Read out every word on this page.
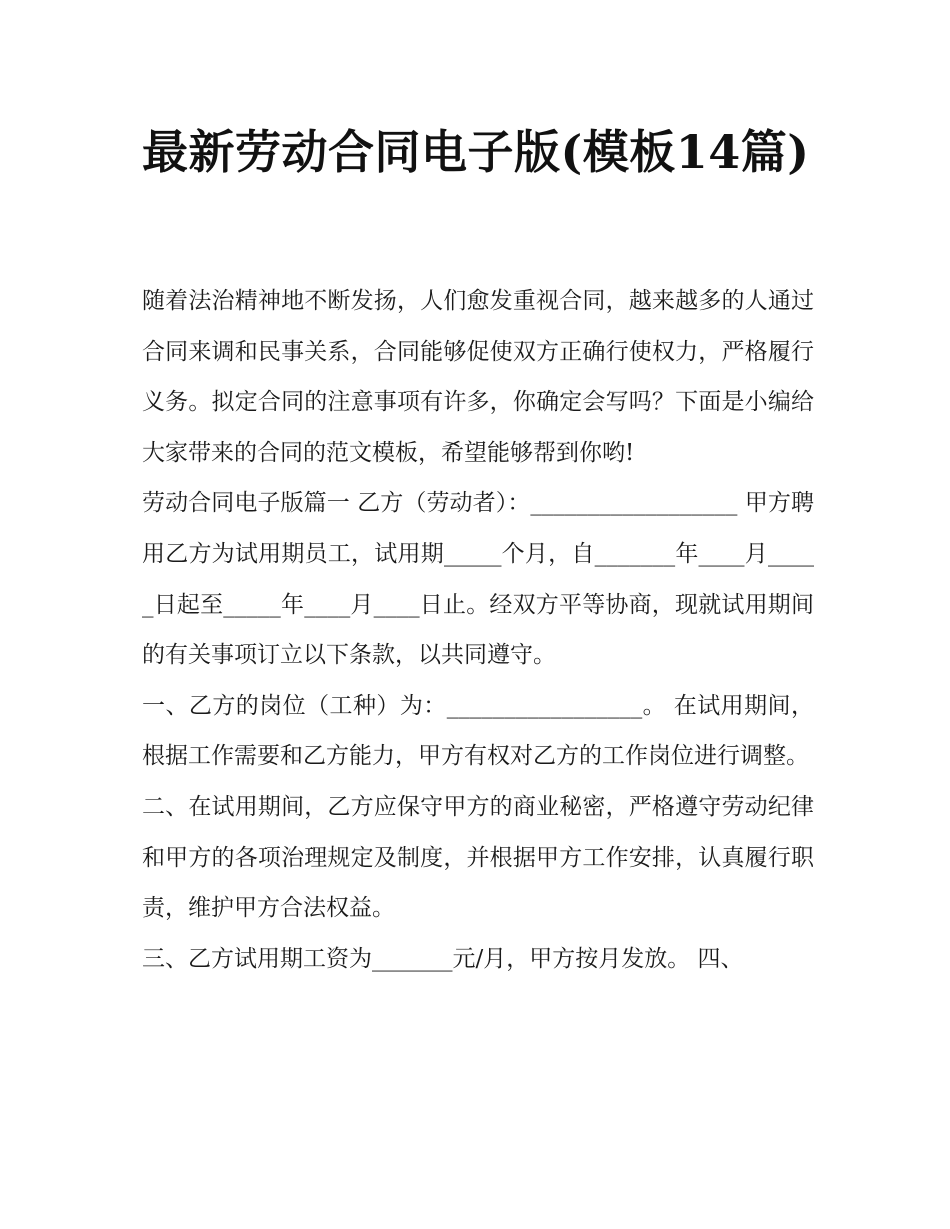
最新劳动合同电子版(模板14篇)

随着法治精神地不断发扬，人们愈发重视合同，越来越多的人通过合同来调和民事关系，合同能够促使双方正确行使权力，严格履行义务。拟定合同的注意事项有许多，你确定会写吗？下面是小编给大家带来的合同的范文模板，希望能够帮到你哟!

劳动合同电子版篇一 乙方（劳动者）：__________________ 甲方聘用乙方为试用期员工，试用期_____个月，自_______年____月_____日起至_____年____月____日止。经双方平等协商，现就试用期间的有关事项订立以下条款，以共同遵守。

一、乙方的岗位（工种）为：_________________。 在试用期间，根据工作需要和乙方能力，甲方有权对乙方的工作岗位进行调整。

二、在试用期间，乙方应保守甲方的商业秘密，严格遵守劳动纪律和甲方的各项治理规定及制度，并根据甲方工作安排，认真履行职责，维护甲方合法权益。

三、乙方试用期工资为_______元/月，甲方按月发放。 四、
